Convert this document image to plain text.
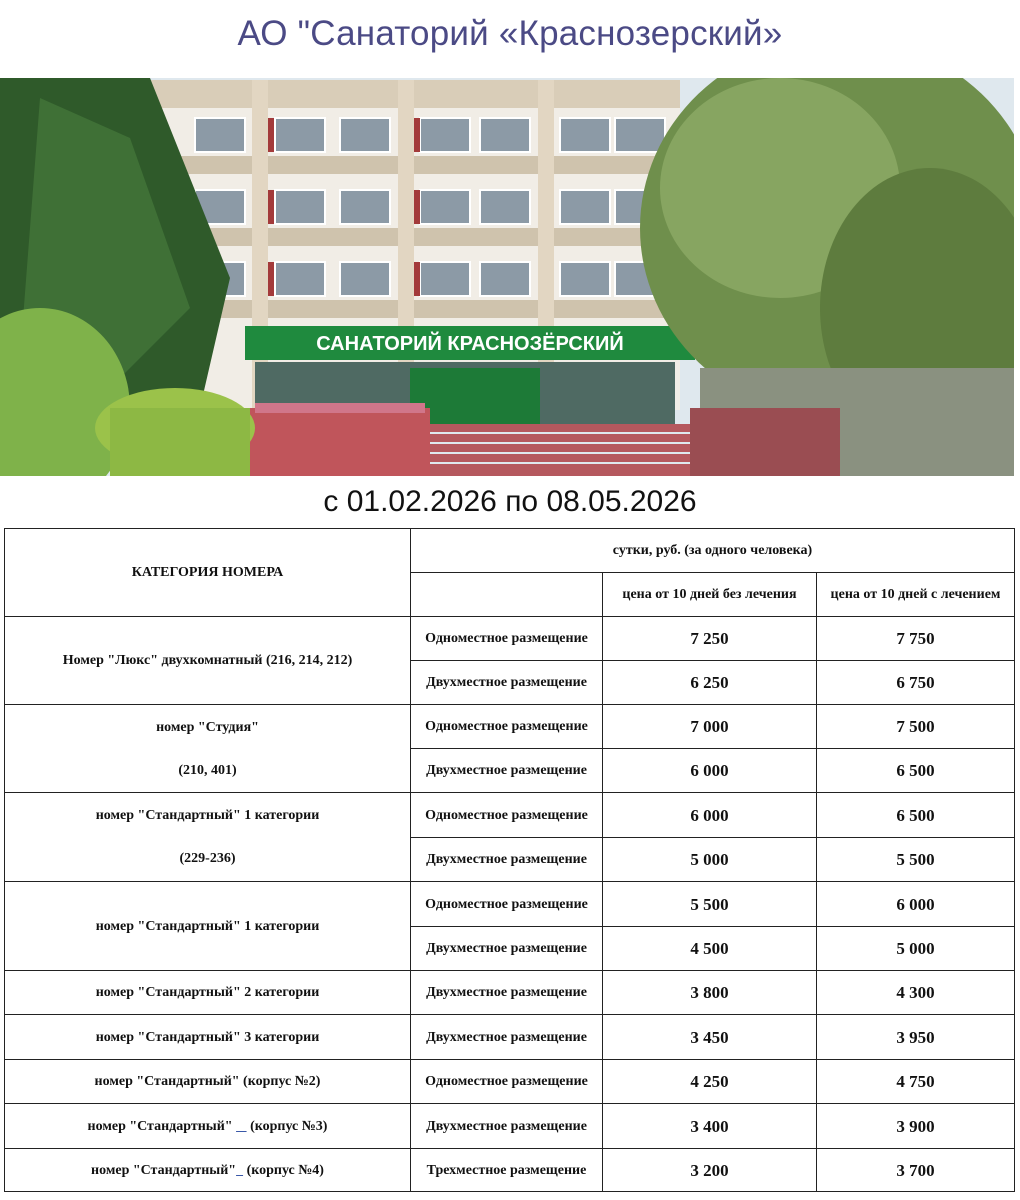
АО "Санаторий «Краснозерский»
САНАТОРИЙ КРАСНОЗЁРСКИЙ
с 01.02.2026 по 08.05.2026
КАТЕГОРИЯ НОМЕРА	сутки, руб. (за одного человека)		
		цена от 10 дней без лечения	цена от 10 дней с лечением
Номер "Люкс" двухкомнатный (216, 214, 212)	Одноместное размещение	7 250	7 750
	Двухместное размещение	6 250	6 750
номер "Студия"
(210, 401)	Одноместное размещение	7 000	7 500
	Двухместное размещение	6 000	6 500
номер "Стандартный" 1 категории
(229-236)	Одноместное размещение	6 000	6 500
	Двухместное размещение	5 000	5 500
номер "Стандартный" 1 категории	Одноместное размещение	5 500	6 000
	Двухместное размещение	4 500	5 000
номер "Стандартный" 2 категории	Двухместное размещение	3 800	4 300
номер "Стандартный" 3 категории	Двухместное размещение	3 450	3 950
номер "Стандартный" (корпус №2)	Одноместное размещение	4 250	4 750
номер "Стандартный" (корпус №3)	Двухместное размещение	3 400	3 900
номер "Стандартный" (корпус №4)	Трехместное размещение	3 200	3 700
